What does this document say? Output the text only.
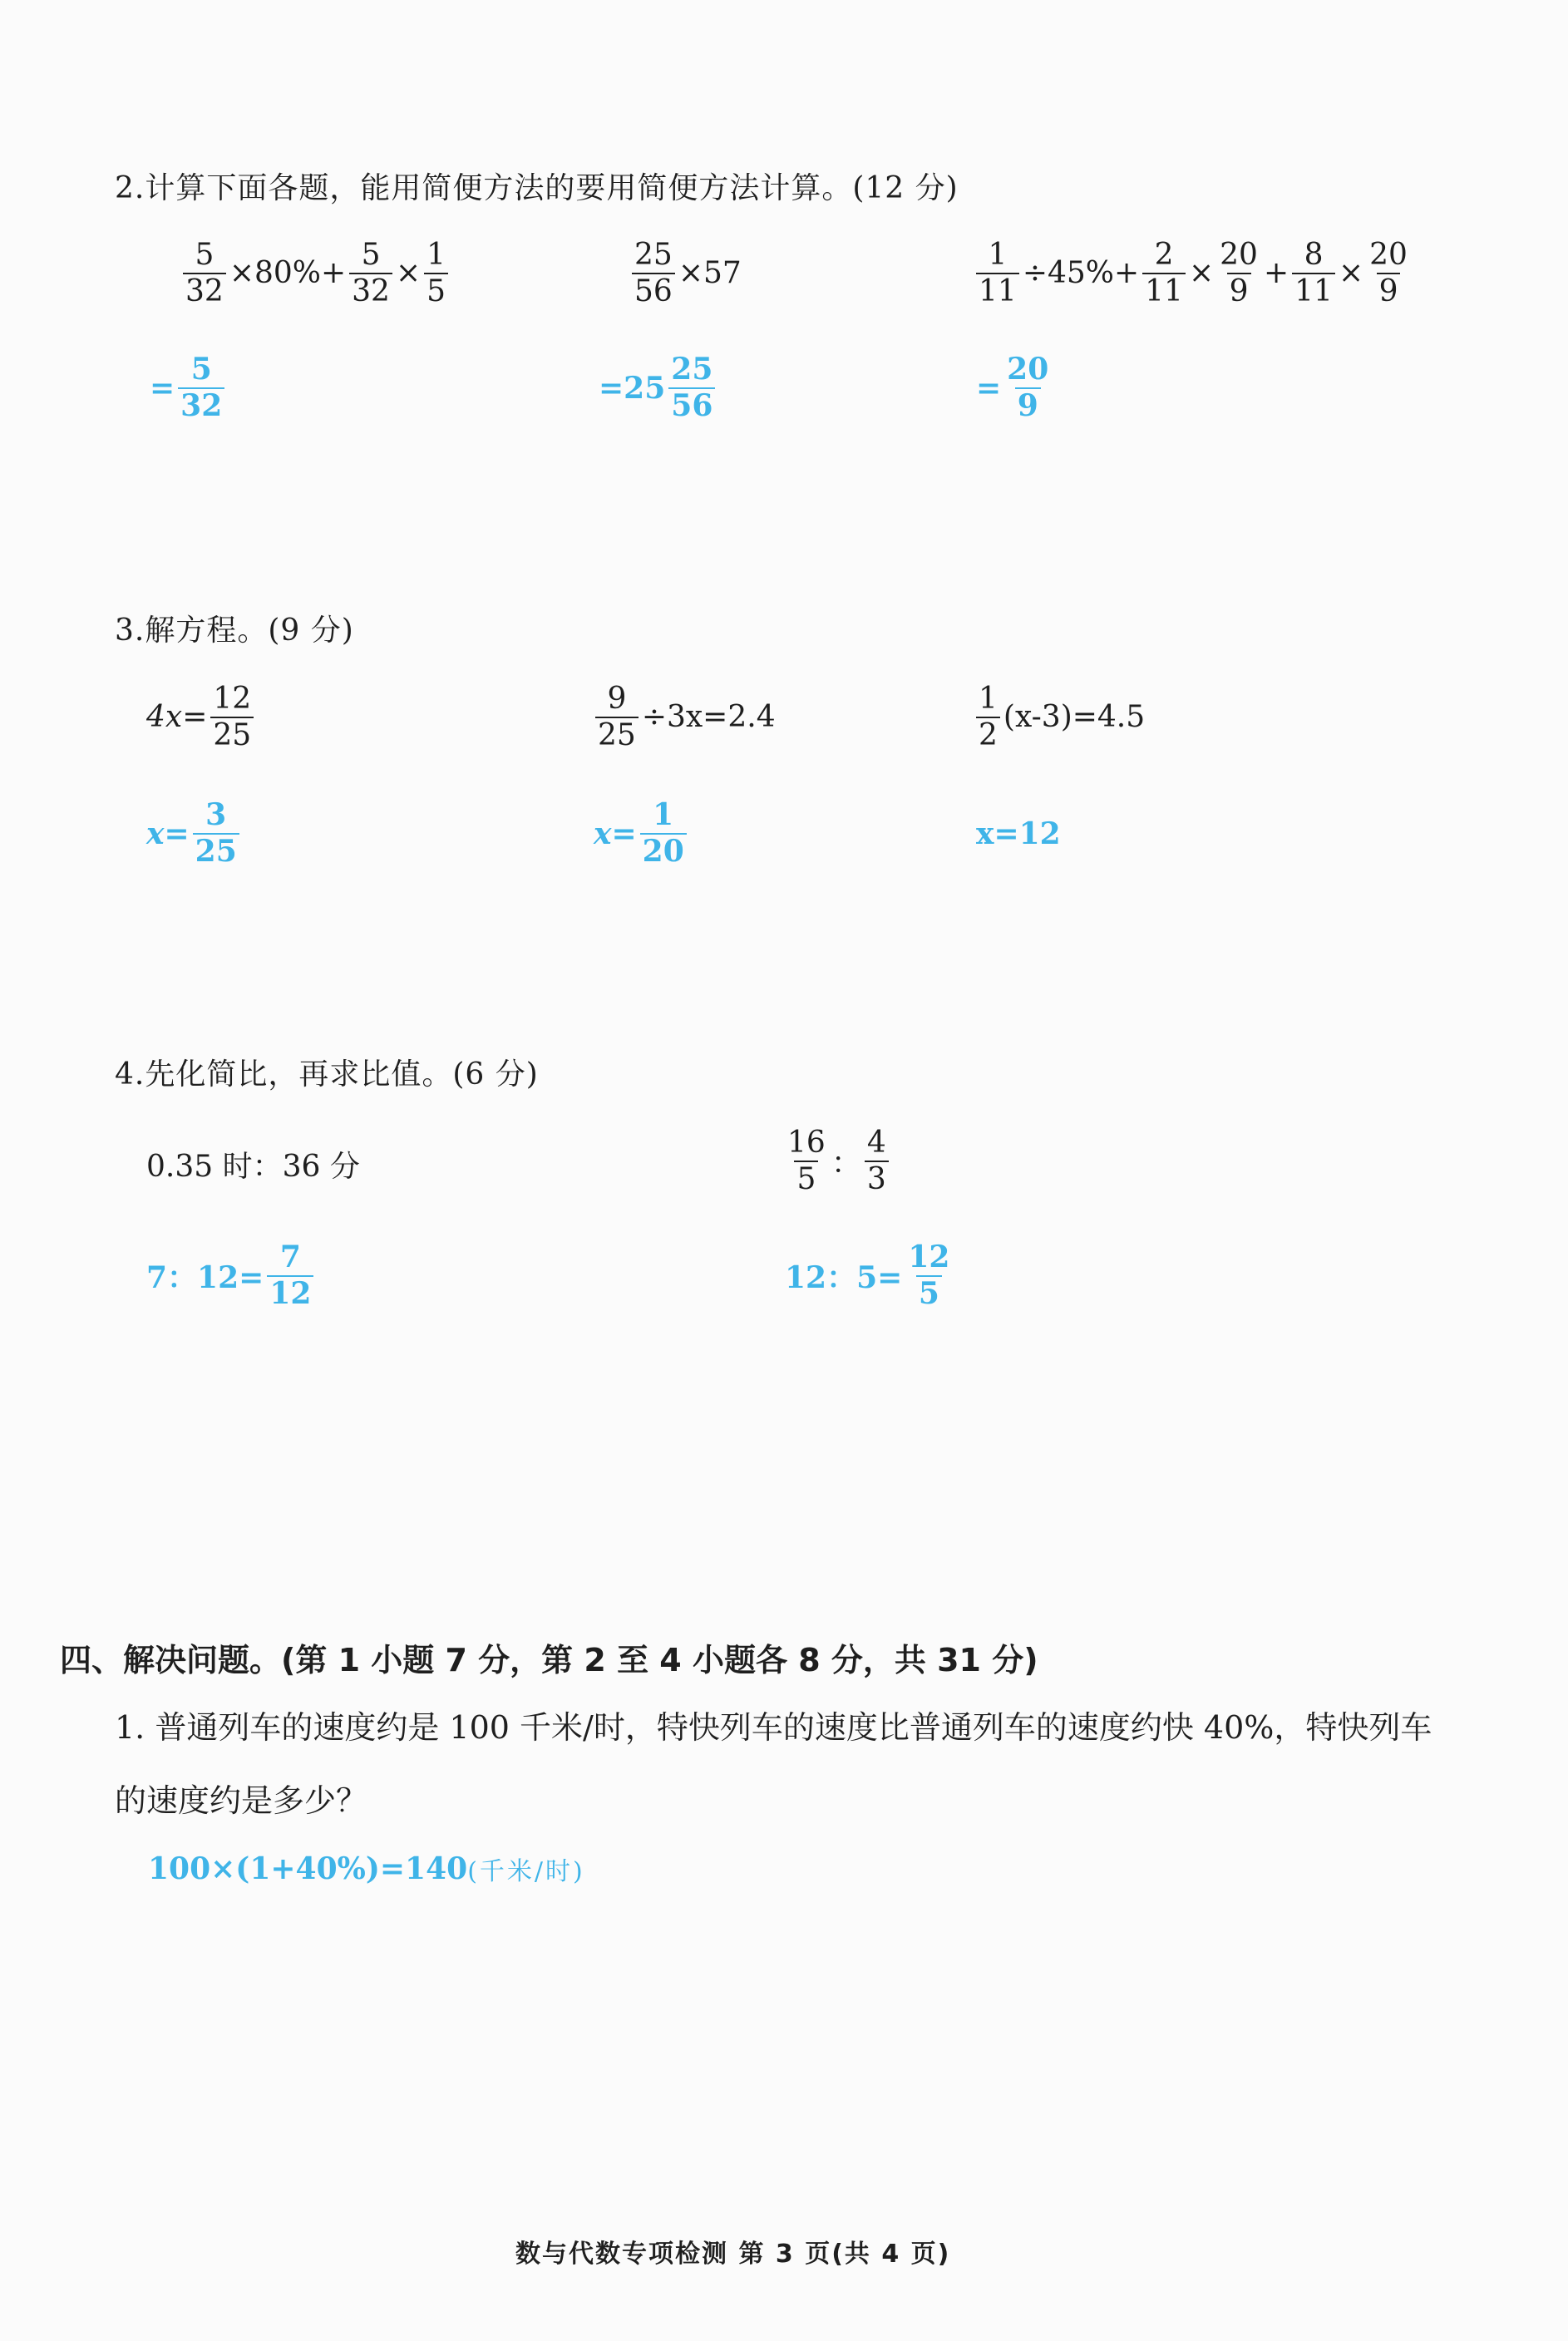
2.计算下面各题，能用简便方法的要用简便方法计算。(12 分)
$\frac{5}{32} \times 80\%+ \frac{5}{32} \times \frac{1}{5}$
= $\frac{5}{32}$
$\frac{25}{56} \times 57$
$=25 \frac{25}{56}$
$\frac{1}{11} \div 45\%+ \frac{2}{11} \times \frac{20}{9} + \frac{8}{11} \times \frac{20}{9}$
= $\frac{20}{9}$
3.解方程。(9 分)
$4x= \frac{12}{25}$
$x= \frac{3}{25}$
$\frac{9}{25} \div 3x=2.4$
$x= \frac{1}{20}$
$\frac{1}{2} (x-3)=4.5$
x=12
4.先化简比，再求比值。(6 分)
0.35 时：36 分
7：$12= \frac{7}{12}$
$\frac{16}{5}$ ： $\frac{4}{3}$
12：$5= \frac{12}{5}$
四、解决问题。(第 1 小题 7 分，第 2 至 4 小题各 8 分，共 31 分)
1. 普通列车的速度约是 100 千米/时，特快列车的速度比普通列车的速度约快 40%，特快列车的速度约是多少？
100×(1+40%)=140 (千米/时)
数与代数专项检测 第 3 页(共 4 页)
